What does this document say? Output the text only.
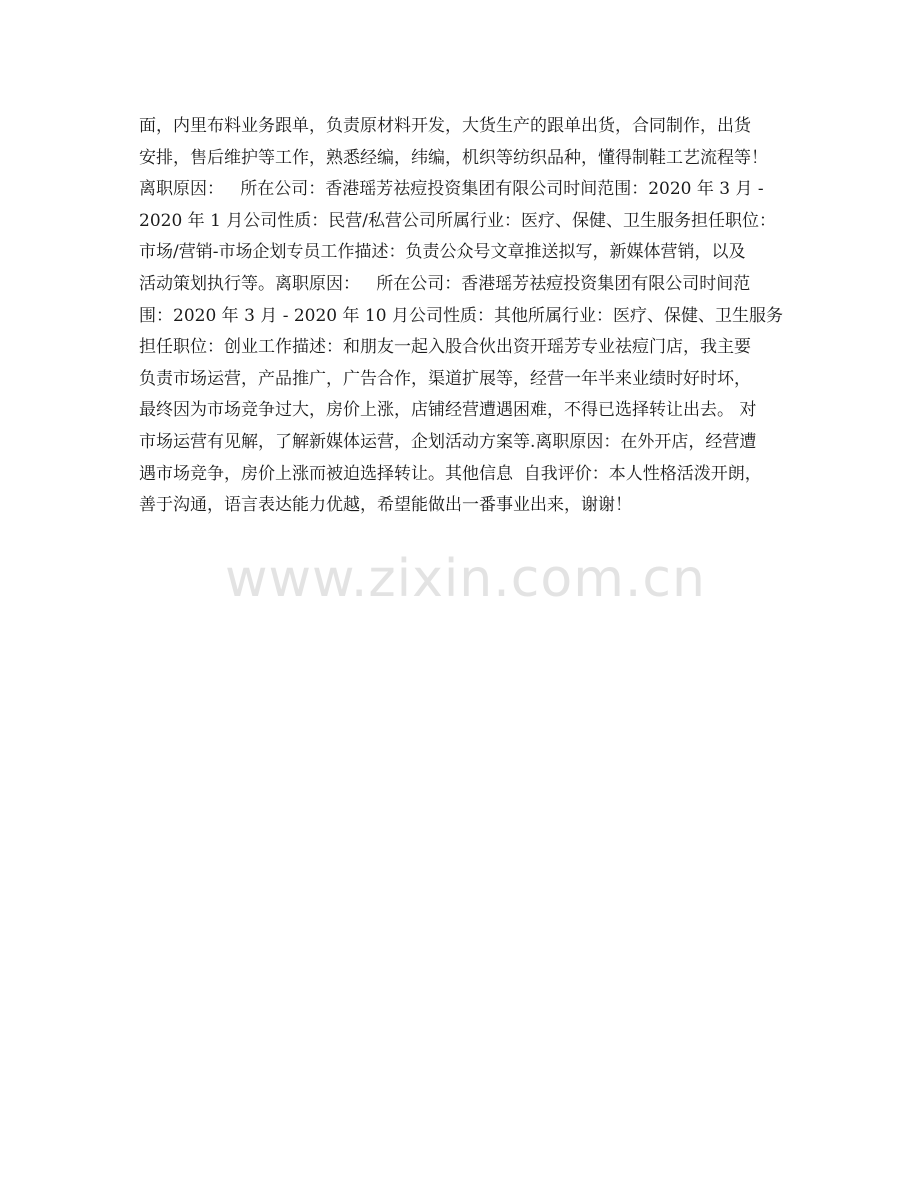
面，内里布料业务跟单，负责原材料开发，大货生产的跟单出货，合同制作，出货
安排，售后维护等工作，熟悉经编，纬编，机织等纺织品种，懂得制鞋工艺流程等！
离职原因：   所在公司：香港瑶芳祛痘投资集团有限公司时间范围：2020 年 3 月 -
2020 年 1 月公司性质：民营/私营公司所属行业：医疗、保健、卫生服务担任职位：
市场/营销-市场企划专员工作描述：负责公众号文章推送拟写，新媒体营销，以及
活动策划执行等。离职原因：   所在公司：香港瑶芳祛痘投资集团有限公司时间范
围：2020 年 3 月 - 2020 年 10 月公司性质：其他所属行业：医疗、保健、卫生服务
担任职位：创业工作描述：和朋友一起入股合伙出资开瑶芳专业祛痘门店，我主要
负责市场运营，产品推广，广告合作，渠道扩展等，经营一年半来业绩时好时坏，
最终因为市场竞争过大，房价上涨，店铺经营遭遇困难，不得已选择转让出去。 对
市场运营有见解，了解新媒体运营，企划活动方案等.离职原因：在外开店，经营遭
遇市场竞争，房价上涨而被迫选择转让。其他信息  自我评价：本人性格活泼开朗，
善于沟通，语言表达能力优越，希望能做出一番事业出来，谢谢！
www.zixin.com.cn
